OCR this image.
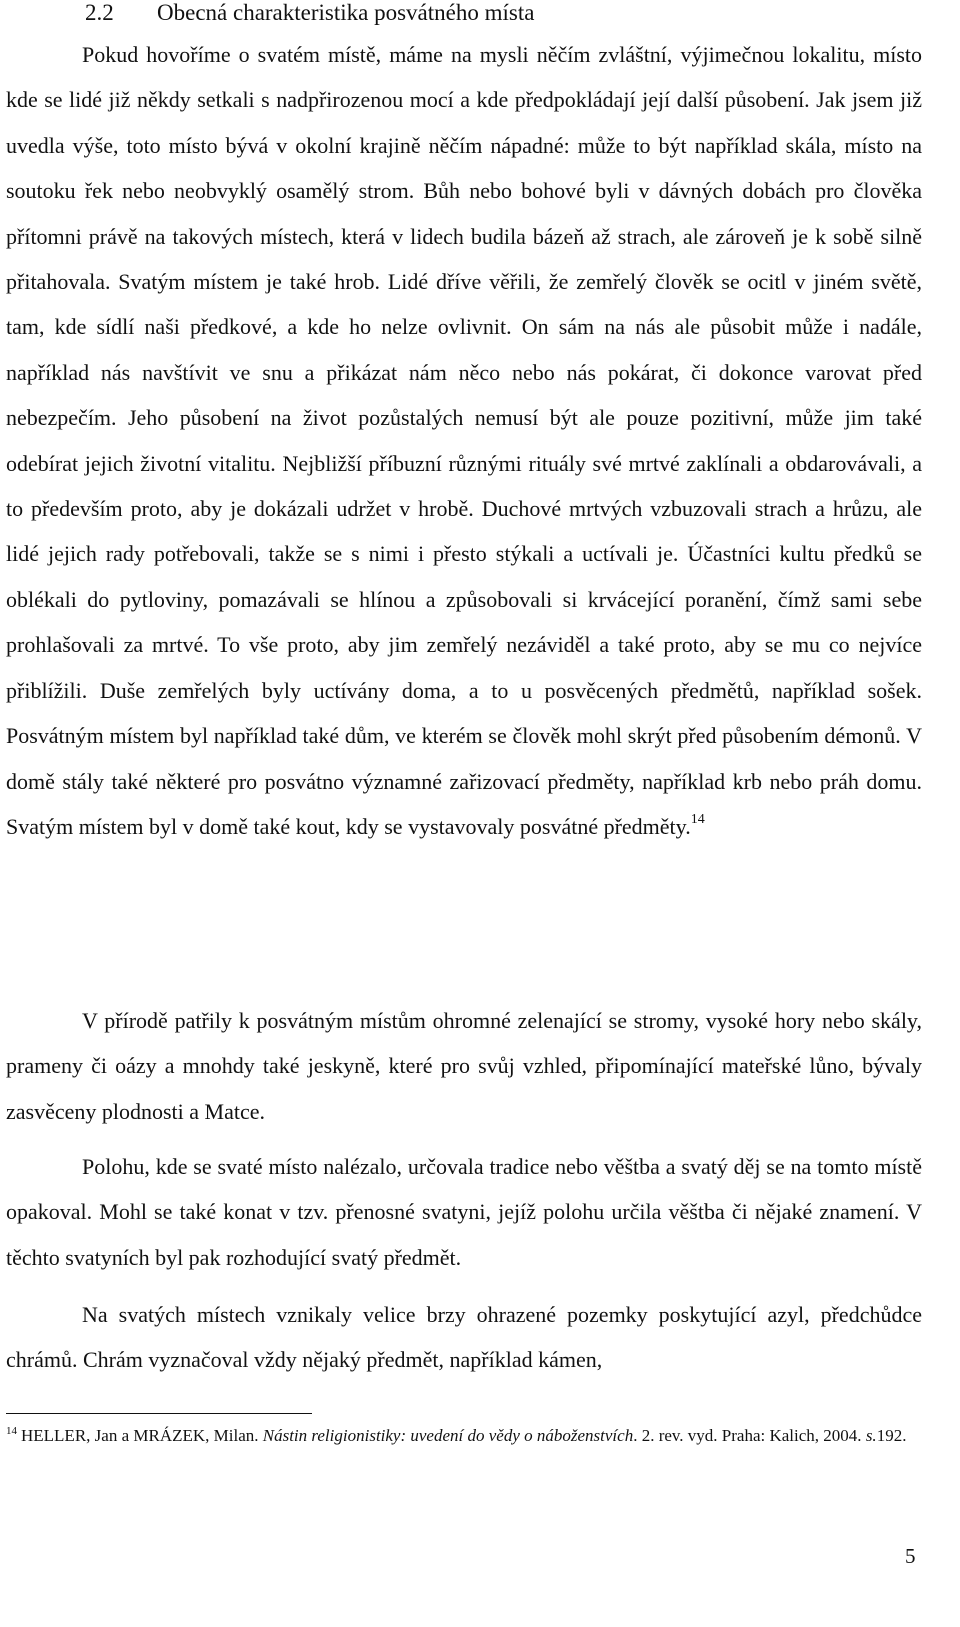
2.2 Obecná charakteristika posvátného místa

Pokud hovoříme o svatém místě, máme na mysli něčím zvláštní, výjimečnou lokalitu, místo kde se lidé již někdy setkali s nadpřirozenou mocí a kde předpokládají její další působení. Jak jsem již uvedla výše, toto místo bývá v okolní krajině něčím nápadné: může to být například skála, místo na soutoku řek nebo neobvyklý osamělý strom. Bůh nebo bohové byli v dávných dobách pro člověka přítomni právě na takových místech, která v lidech budila bázeň až strach, ale zároveň je k sobě silně přitahovala. Svatým místem je také hrob. Lidé dříve věřili, že zemřelý člověk se ocitl v jiném světě, tam, kde sídlí naši předkové, a kde ho nelze ovlivnit. On sám na nás ale působit může i nadále, například nás navštívit ve snu a přikázat nám něco nebo nás pokárat, či dokonce varovat před nebezpečím. Jeho působení na život pozůstalých nemusí být ale pouze pozitivní, může jim také odebírat jejich životní vitalitu. Nejbližší příbuzní různými rituály své mrtvé zaklínali a obdarovávali, a to především proto, aby je dokázali udržet v hrobě. Duchové mrtvých vzbuzovali strach a hrůzu, ale lidé jejich rady potřebovali, takže se s nimi i přesto stýkali a uctívali je. Účastníci kultu předků se oblékali do pytloviny, pomazávali se hlínou a způsobovali si krvácející poranění, čímž sami sebe prohlašovali za mrtvé. To vše proto, aby jim zemřelý nezáviděl a také proto, aby se mu co nejvíce přiblížili. Duše zemřelých byly uctívány doma, a to u posvěcených předmětů, například sošek. Posvátným místem byl například také dům, ve kterém se člověk mohl skrýt před působením démonů. V domě stály také některé pro posvátno významné zařizovací předměty, například krb nebo práh domu. Svatým místem byl v domě také kout, kdy se vystavovaly posvátné předměty.$^{14}$

V přírodě patřily k posvátným místům ohromné zelenající se stromy, vysoké hory nebo skály, prameny či oázy a mnohdy také jeskyně, které pro svůj vzhled, připomínající mateřské lůno, bývaly zasvěceny plodnosti a Matce.

Polohu, kde se svaté místo nalézalo, určovala tradice nebo věštba a svatý děj se na tomto místě opakoval. Mohl se také konat v tzv. přenosné svatyni, jejíž polohu určila věštba či nějaké znamení. V těchto svatyních byl pak rozhodující svatý předmět.

Na svatých místech vznikaly velice brzy ohrazené pozemky poskytující azyl, předchůdce chrámů. Chrám vyznačoval vždy nějaký předmět, například kámen,

$^{14}$ HELLER, Jan a MRÁZEK, Milan. Nástin religionistiky: uvedení do vědy o náboženstvích. 2. rev. vyd. Praha: Kalich, 2004. s.192.

5
